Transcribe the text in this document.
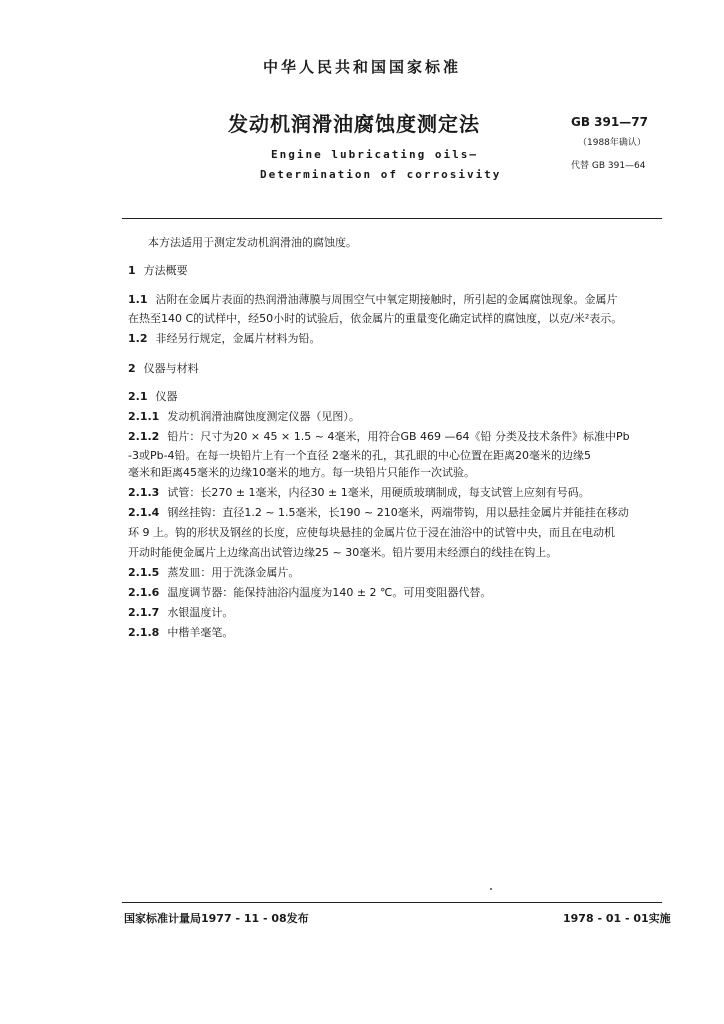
中华人民共和国国家标准
发动机润滑油腐蚀度测定法
Engine lubricating oils—
Determination of corrosivity
GB 391—77
（1988年确认）
代替 GB 391—64
本方法适用于测定发动机润滑油的腐蚀度。
1 方法概要
1.1 沾附在金属片表面的热润滑油薄膜与周围空气中氧定期接触时，所引起的金属腐蚀现象。金属片
在热至140 C的试样中，经50小时的试验后，依金属片的重量变化确定试样的腐蚀度，以克/米²表示。
1.2 非经另行规定，金属片材料为铅。
2 仪器与材料
2.1 仪器
2.1.1 发动机润滑油腐蚀度测定仪器（见图）。
2.1.2 铅片：尺寸为20 × 45 × 1.5 ~ 4毫米，用符合GB 469 —64《铅 分类及技术条件》标准中Pb
-3或Pb-4铅。在每一块铅片上有一个直径 2毫米的孔，其孔眼的中心位置在距离20毫米的边缘5
毫米和距离45毫米的边缘10毫米的地方。每一块铅片只能作一次试验。
2.1.3 试管：长270 ± 1毫米，内径30 ± 1毫米，用硬质玻璃制成，每支试管上应刻有号码。
2.1.4 钢丝挂钩：直径1.2 ~ 1.5毫米，长190 ~ 210毫米，两端带钩，用以悬挂金属片并能挂在移动
环 9 上。钩的形状及钢丝的长度，应使每块悬挂的金属片位于浸在油浴中的试管中央，而且在电动机
开动时能使金属片上边缘高出试管边缘25 ~ 30毫米。铅片要用未经漂白的线挂在钩上。
2.1.5 蒸发皿：用于洗涤金属片。
2.1.6 温度调节器：能保持油浴内温度为140 ± 2 ℃。可用变阻器代替。
2.1.7 水银温度计。
2.1.8 中楷羊毫笔。
国家标准计量局1977 - 11 - 08发布	1978 - 01 - 01实施
